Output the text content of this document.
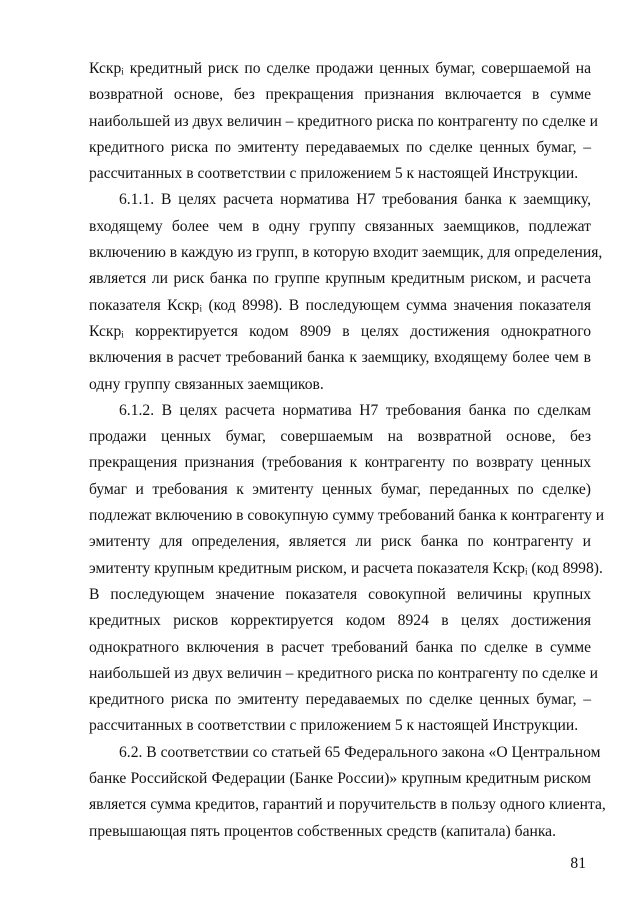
Кскрᵢ кредитный риск по сделке продажи ценных бумаг, совершаемой на
возвратной основе, без прекращения признания включается в сумме
наибольшей из двух величин – кредитного риска по контрагенту по сделке и
кредитного риска по эмитенту передаваемых по сделке ценных бумаг, –
рассчитанных в соответствии с приложением 5 к настоящей Инструкции.
6.1.1. В целях расчета норматива Н7 требования банка к заемщику,
входящему более чем в одну группу связанных заемщиков, подлежат
включению в каждую из групп, в которую входит заемщик, для определения,
является ли риск банка по группе крупным кредитным риском, и расчета
показателя Кскрᵢ (код 8998). В последующем сумма значения показателя
Кскрᵢ корректируется кодом 8909 в целях достижения однократного
включения в расчет требований банка к заемщику, входящему более чем в
одну группу связанных заемщиков.
6.1.2. В целях расчета норматива Н7 требования банка по сделкам
продажи ценных бумаг, совершаемым на возвратной основе, без
прекращения признания (требования к контрагенту по возврату ценных
бумаг и требования к эмитенту ценных бумаг, переданных по сделке)
подлежат включению в совокупную сумму требований банка к контрагенту и
эмитенту для определения, является ли риск банка по контрагенту и
эмитенту крупным кредитным риском, и расчета показателя Кскрᵢ (код 8998).
В последующем значение показателя совокупной величины крупных
кредитных рисков корректируется кодом 8924 в целях достижения
однократного включения в расчет требований банка по сделке в сумме
наибольшей из двух величин – кредитного риска по контрагенту по сделке и
кредитного риска по эмитенту передаваемых по сделке ценных бумаг, –
рассчитанных в соответствии с приложением 5 к настоящей Инструкции.
6.2. В соответствии со статьей 65 Федерального закона «О Центральном
банке Российской Федерации (Банке России)» крупным кредитным риском
является сумма кредитов, гарантий и поручительств в пользу одного клиента,
превышающая пять процентов собственных средств (капитала) банка.
81
